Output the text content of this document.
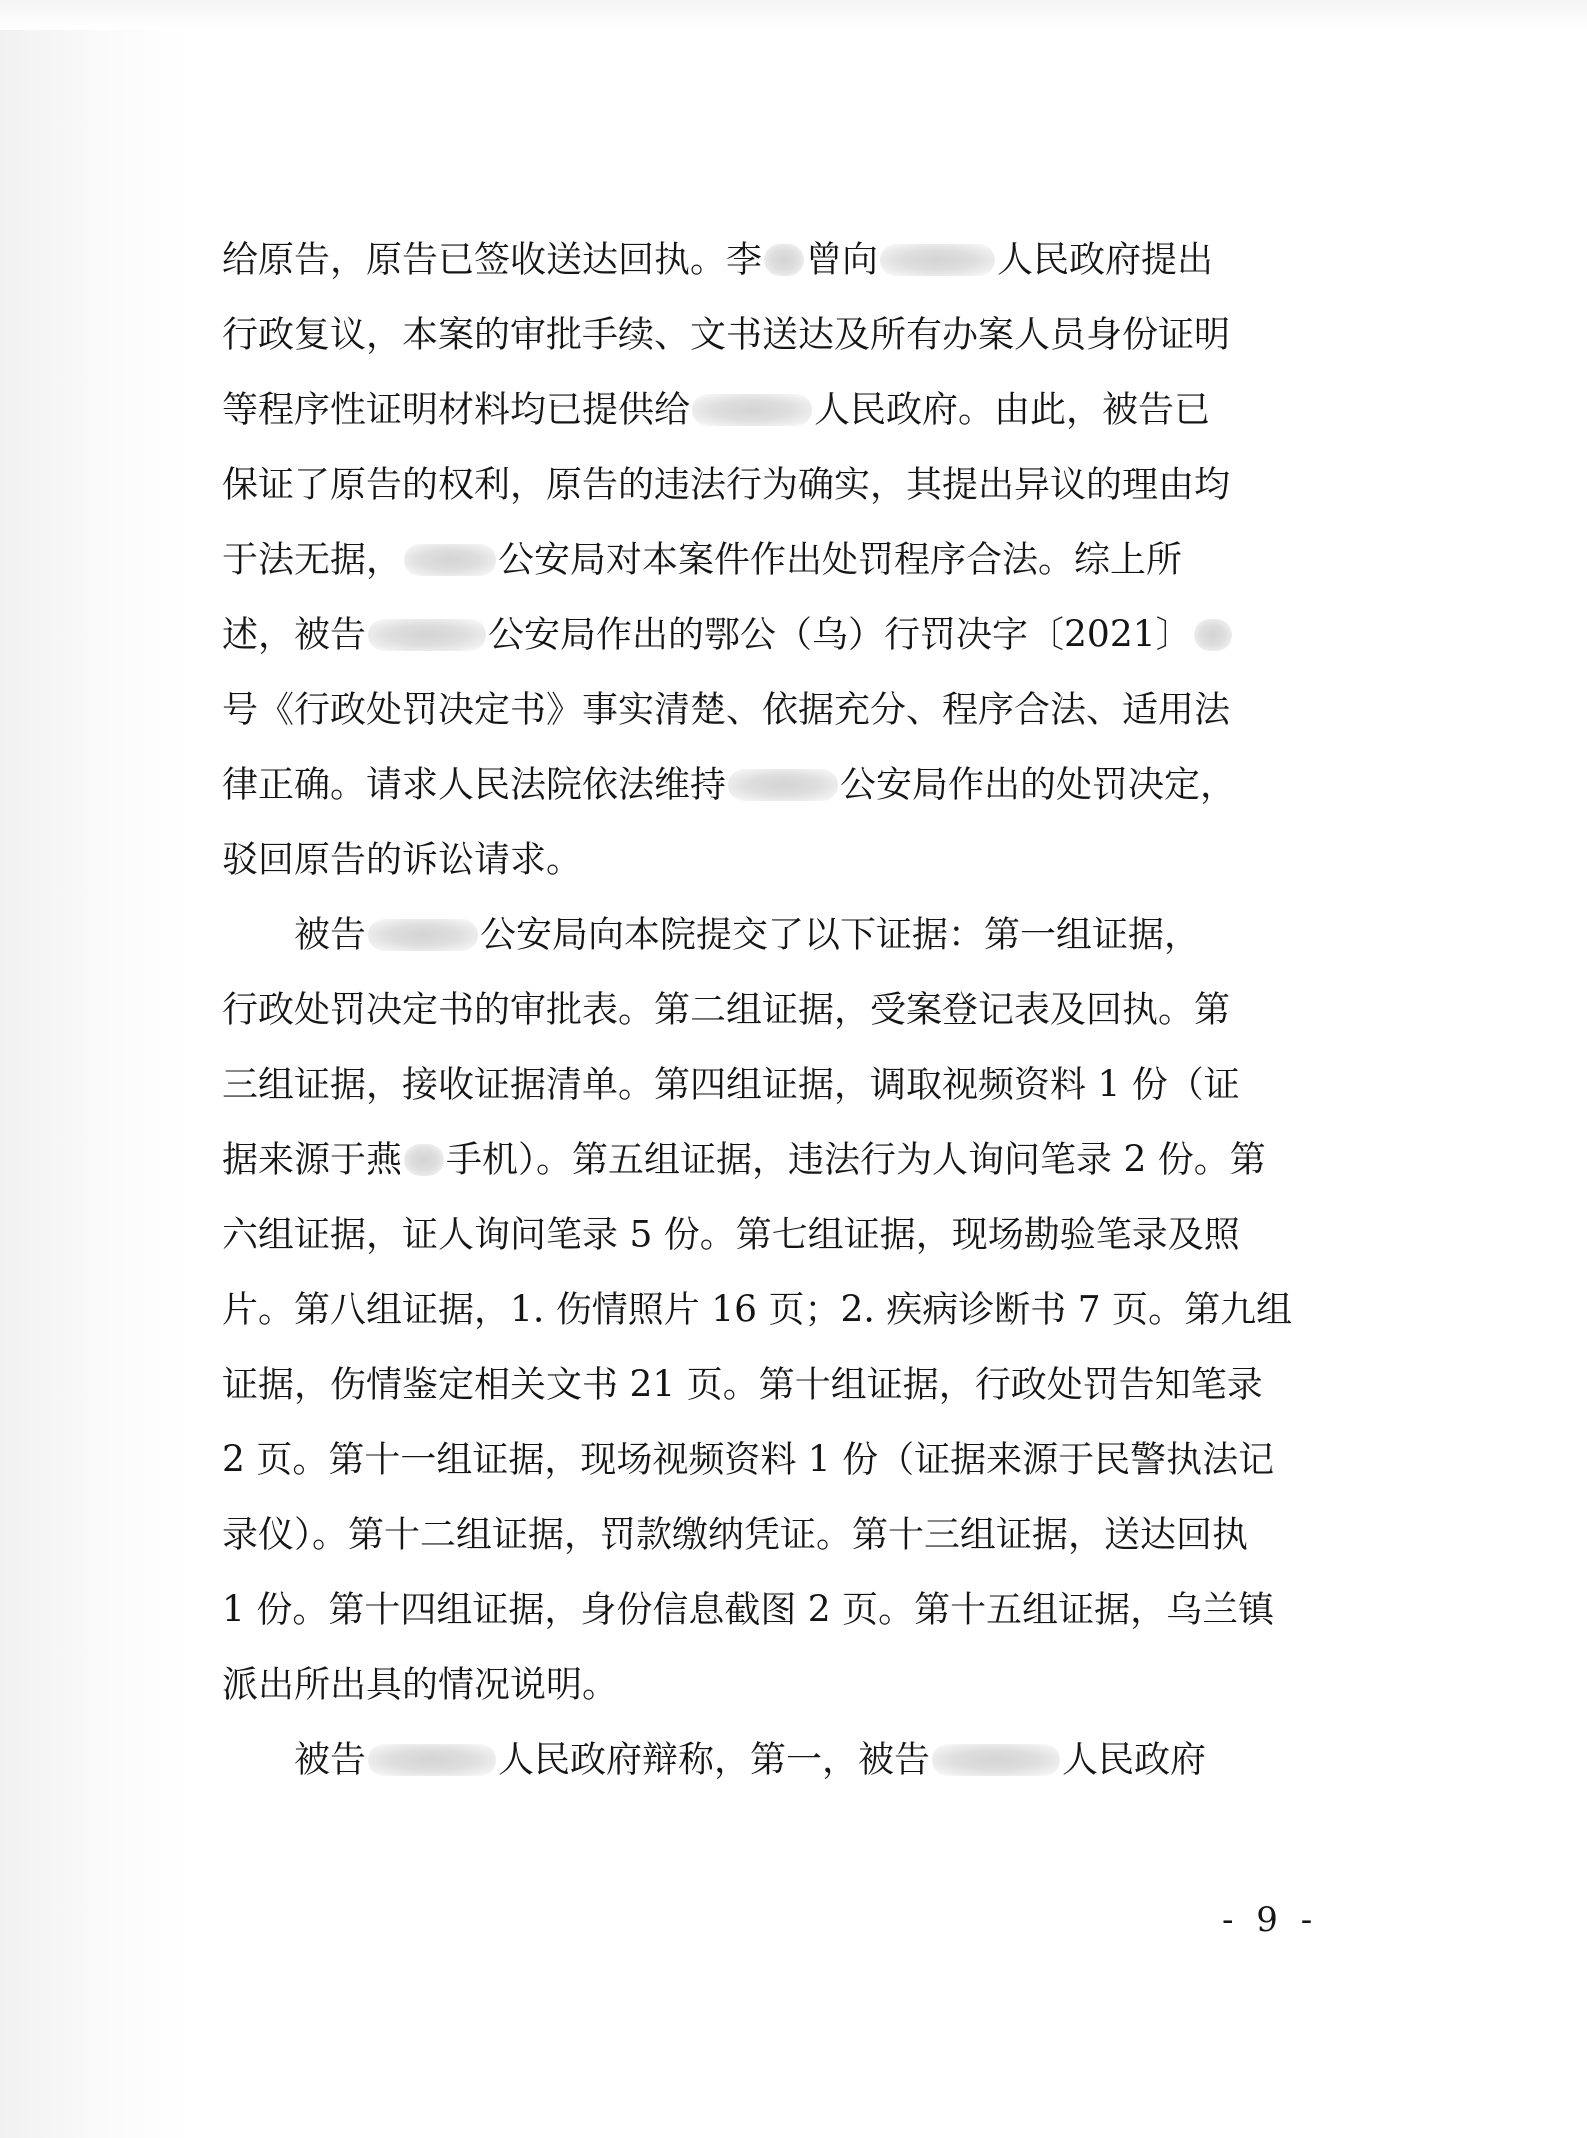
给原告，原告已签收送达回执。李 曾向	人民政府提出
行政复议，本案的审批手续、文书送达及所有办案人员身份证明
等程序性证明材料均已提供给	人民政府。由此，被告已
保证了原告的权利，原告的违法行为确实，其提出异议的理由均
于法无据，	公安局对本案件作出处罚程序合法。综上所
述，被告	公安局作出的鄂公（乌）行罚决字〔2021〕
号《行政处罚决定书》事实清楚、依据充分、程序合法、适用法
律正确。请求人民法院依法维持	公安局作出的处罚决定，
驳回原告的诉讼请求。
被告	公安局向本院提交了以下证据：第一组证据，
行政处罚决定书的审批表。第二组证据，受案登记表及回执。第
三组证据，接收证据清单。第四组证据，调取视频资料 1 份（证
据来源于燕 手机）。第五组证据，违法行为人询问笔录 2 份。第
六组证据，证人询问笔录 5 份。第七组证据，现场勘验笔录及照
片。第八组证据，1. 伤情照片 16 页；2. 疾病诊断书 7 页。第九组
证据，伤情鉴定相关文书 21 页。第十组证据，行政处罚告知笔录
2 页。第十一组证据，现场视频资料 1 份（证据来源于民警执法记
录仪）。第十二组证据，罚款缴纳凭证。第十三组证据，送达回执
1 份。第十四组证据，身份信息截图 2 页。第十五组证据，乌兰镇
派出所出具的情况说明。
被告	人民政府辩称，第一，被告	人民政府
- 9 -
